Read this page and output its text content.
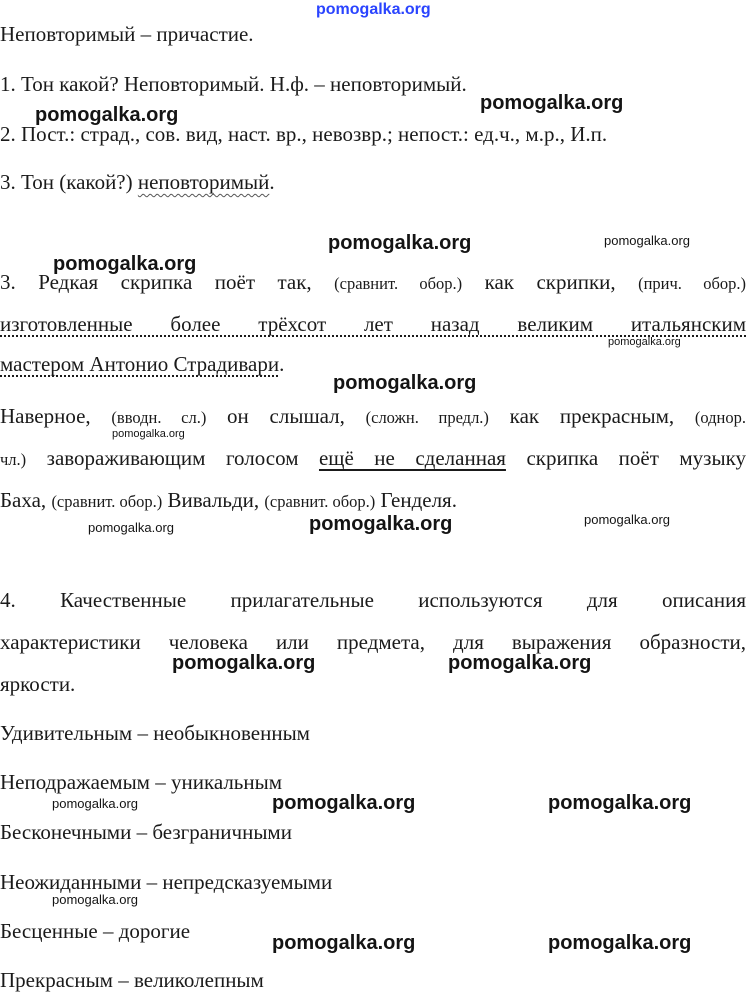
pomogalka.org
Неповторимый – причастие.
1. Тон какой? Неповторимый. Н.ф. – неповторимый.
2. Пост.: страд., сов. вид, наст. вр., невозвр.; непост.: ед.ч., м.р., И.п.
3. Тон (какой?) неповторимый.
3. Редкая скрипка поёт так, (сравнит. обор.) как скрипки, (прич. обор.)
изготовленные более трёхсот лет назад великим итальянским
мастером Антонио Страдивари.
Наверное, (вводн. сл.) он слышал, (сложн. предл.) как прекрасным, (однор.
чл.) завораживающим голосом ещё не сделанная скрипка поёт музыку
Баха, (сравнит. обор.) Вивальди, (сравнит. обор.) Генделя.
4. Качественные прилагательные используются для описания
характеристики человека или предмета, для выражения образности,
яркости.
Удивительным – необыкновенным
Неподражаемым – уникальным
Бесконечными – безграничными
Неожиданными – непредсказуемыми
Бесценные – дорогие
Прекрасным – великолепным
pomogalka.org
pomogalka.org
pomogalka.org	pomogalka.org
pomogalka.org
pomogalka.org
pomogalka.org
pomogalka.org
pomogalka.org
pomogalka.org
pomogalka.org
pomogalka.org	pomogalka.org
pomogalka.org	pomogalka.org	pomogalka.org
pomogalka.org
pomogalka.org	pomogalka.org
